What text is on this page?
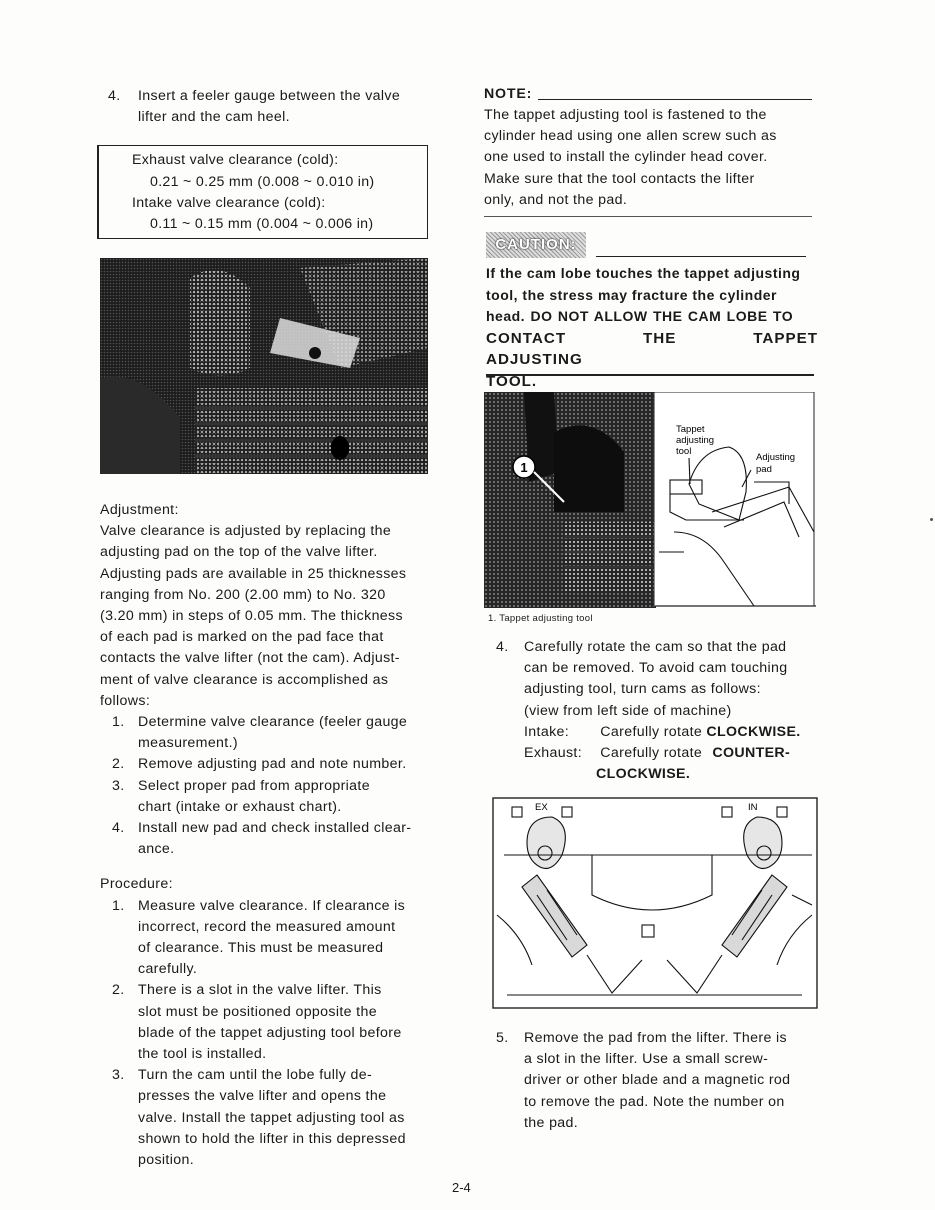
4. Insert a feeler gauge between the valve
lifter and the cam heel.
Exhaust valve clearance (cold):
0.21 ~ 0.25 mm (0.008 ~ 0.010 in)
Intake valve clearance (cold):
0.11 ~ 0.15 mm (0.004 ~ 0.006 in)

Adjustment:

Valve clearance is adjusted by replacing the
adjusting pad on the top of the valve lifter.
Adjusting pads are available in 25 thicknesses
ranging from No. 200 (2.00 mm) to No. 320
(3.20 mm) in steps of 0.05 mm. The thickness
of each pad is marked on the pad face that
contacts the valve lifter (not the cam). Adjust-
ment of valve clearance is accomplished as
follows:
1. Determine valve clearance (feeler gauge
measurement.)
2. Remove adjusting pad and note number.
3. Select proper pad from appropriate
chart (intake or exhaust chart).
4. Install new pad and check installed clear-
ance.

Procedure:

1. Measure valve clearance. If clearance is
incorrect, record the measured amount
of clearance. This must be measured
carefully.
2. There is a slot in the valve lifter. This
slot must be positioned opposite the
blade of the tappet adjusting tool before
the tool is installed.
3. Turn the cam until the lobe fully de-
presses the valve lifter and opens the
valve. Install the tappet adjusting tool as
shown to hold the lifter in this depressed
position.
NOTE:
The tappet adjusting tool is fastened to the
cylinder head using one allen screw such as
one used to install the cylinder head cover.
Make sure that the tool contacts the lifter
only, and not the pad.
CAUTION:
If the cam lobe touches the tappet adjusting
tool, the stress may fracture the cylinder
head. DO NOT ALLOW THE CAM LOBE TO
CONTACT THE TAPPET ADJUSTING
TOOL.
1
Tappet
adjusting
tool
Adjusting
pad
1. Tappet adjusting tool
4. Carefully rotate the cam so that the pad
can be removed. To avoid cam touching
adjusting tool, turn cams as follows:
(view from left side of machine)
Intake: Carefully rotate CLOCKWISE.
Exhaust: Carefully rotate COUNTER-
CLOCKWISE.
EX	IN
5. Remove the pad from the lifter. There is
a slot in the lifter. Use a small screw-
driver or other blade and a magnetic rod
to remove the pad. Note the number on
the pad.
2-4
